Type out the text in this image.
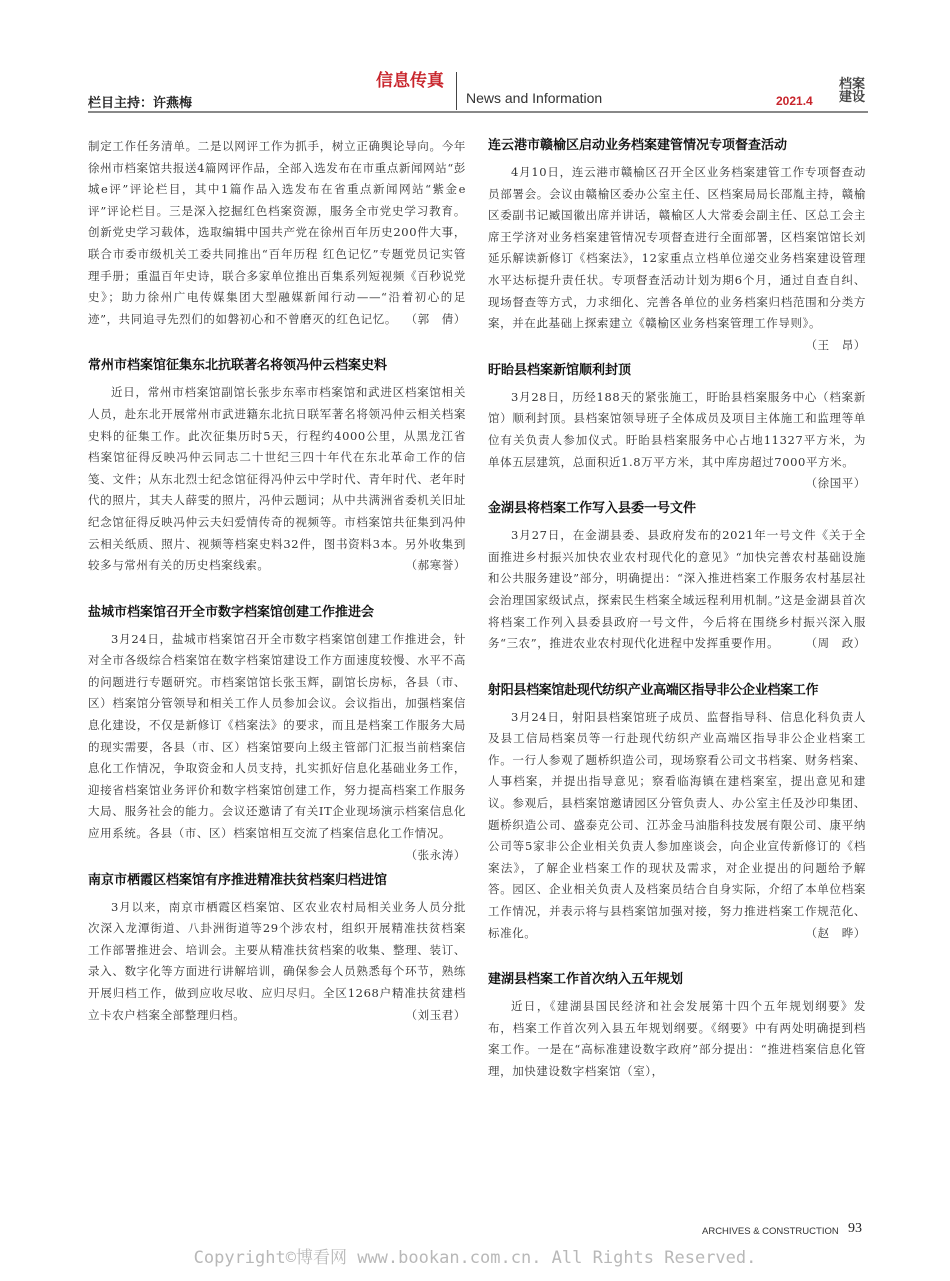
栏目主持：许燕梅
信息传真
News and Information	2021.4
档案
建设

制定工作任务清单。二是以网评工作为抓手，树立正确舆论导向。今年徐州市档案馆共报送4篇网评作品，全部入选发布在市重点新闻网站“彭城e评”评论栏目，其中1篇作品入选发布在省重点新闻网站“紫金e评”评论栏目。三是深入挖掘红色档案资源，服务全市党史学习教育。创新党史学习载体，选取编辑中国共产党在徐州百年历史200件大事，联合市委市级机关工委共同推出“百年历程 红色记忆”专题党员记实管理手册；重温百年史诗，联合多家单位推出百集系列短视频《百秒说党史》；助力徐州广电传媒集团大型融媒新闻行动——“沿着初心的足迹”，共同追寻先烈们的如磐初心和不曾磨灭的红色记忆。 （郭　倩）

常州市档案馆征集东北抗联著名将领冯仲云档案史料

近日，常州市档案馆副馆长张步东率市档案馆和武进区档案馆相关人员，赴东北开展常州市武进籍东北抗日联军著名将领冯仲云相关档案史料的征集工作。此次征集历时5天，行程约4000公里，从黑龙江省档案馆征得反映冯仲云同志二十世纪三四十年代在东北革命工作的信笺、文件；从东北烈士纪念馆征得冯仲云中学时代、青年时代、老年时代的照片，其夫人薛雯的照片，冯仲云题词；从中共满洲省委机关旧址纪念馆征得反映冯仲云夫妇爱情传奇的视频等。市档案馆共征集到冯仲云相关纸质、照片、视频等档案史料32件，图书资料3本。另外收集到较多与常州有关的历史档案线索。	（郝寒誉）

盐城市档案馆召开全市数字档案馆创建工作推进会

3月24日，盐城市档案馆召开全市数字档案馆创建工作推进会，针对全市各级综合档案馆在数字档案馆建设工作方面速度较慢、水平不高的问题进行专题研究。市档案馆馆长张玉辉，副馆长房标，各县（市、区）档案馆分管领导和相关工作人员参加会议。会议指出，加强档案信息化建设，不仅是新修订《档案法》的要求，而且是档案工作服务大局的现实需要，各县（市、区）档案馆要向上级主管部门汇报当前档案信息化工作情况，争取资金和人员支持，扎实抓好信息化基础业务工作，迎接省档案馆业务评价和数字档案馆创建工作，努力提高档案工作服务大局、服务社会的能力。会议还邀请了有关IT企业现场演示档案信息化应用系统。各县（市、区）档案馆相互交流了档案信息化工作情况。
（张永涛）

南京市栖霞区档案馆有序推进精准扶贫档案归档进馆

3月以来，南京市栖霞区档案馆、区农业农村局相关业务人员分批次深入龙潭街道、八卦洲街道等29个涉农村，组织开展精准扶贫档案工作部署推进会、培训会。主要从精准扶贫档案的收集、整理、装订、录入、数字化等方面进行讲解培训，确保参会人员熟悉每个环节，熟练开展归档工作，做到应收尽收、应归尽归。全区1268户精准扶贫建档立卡农户档案全部整理归档。	（刘玉君）

连云港市赣榆区启动业务档案建管情况专项督查活动

4月10日，连云港市赣榆区召开全区业务档案建管工作专项督查动员部署会。会议由赣榆区委办公室主任、区档案局局长邵胤主持，赣榆区委副书记臧国徽出席并讲话，赣榆区人大常委会副主任、区总工会主席王学济对业务档案建管情况专项督查进行全面部署，区档案馆馆长刘延乐解读新修订《档案法》，12家重点立档单位递交业务档案建设管理水平达标提升责任状。专项督查活动计划为期6个月，通过自查自纠、现场督查等方式，力求细化、完善各单位的业务档案归档范围和分类方案，并在此基础上探索建立《赣榆区业务档案管理工作导则》。
（王　昂）

盱眙县档案新馆顺利封顶

3月28日，历经188天的紧张施工，盱眙县档案服务中心（档案新馆）顺利封顶。县档案馆领导班子全体成员及项目主体施工和监理等单位有关负责人参加仪式。盱眙县档案服务中心占地11327平方米，为单体五层建筑，总面积近1.8万平方米，其中库房超过7000平方米。
（徐国平）

金湖县将档案工作写入县委一号文件

3月27日，在金湖县委、县政府发布的2021年一号文件《关于全面推进乡村振兴加快农业农村现代化的意见》“加快完善农村基础设施和公共服务建设”部分，明确提出：“深入推进档案工作服务农村基层社会治理国家级试点，探索民生档案全域远程利用机制。”这是金湖县首次将档案工作列入县委县政府一号文件，今后将在围绕乡村振兴深入服务“三农”，推进农业农村现代化进程中发挥重要作用。 （周　政）

射阳县档案馆赴现代纺织产业高端区指导非公企业档案工作

3月24日，射阳县档案馆班子成员、监督指导科、信息化科负责人及县工信局档案员等一行赴现代纺织产业高端区指导非公企业档案工作。一行人参观了题桥织造公司，现场察看公司文书档案、财务档案、人事档案，并提出指导意见；察看临海镇在建档案室，提出意见和建议。参观后，县档案馆邀请园区分管负责人、办公室主任及沙印集团、题桥织造公司、盛泰克公司、江苏金马油脂科技发展有限公司、康平纳公司等5家非公企业相关负责人参加座谈会，向企业宣传新修订的《档案法》，了解企业档案工作的现状及需求，对企业提出的问题给予解答。园区、企业相关负责人及档案员结合自身实际，介绍了本单位档案工作情况，并表示将与县档案馆加强对接，努力推进档案工作规范化、标准化。	（赵　晔）

建湖县档案工作首次纳入五年规划

近日，《建湖县国民经济和社会发展第十四个五年规划纲要》发布，档案工作首次列入县五年规划纲要。《纲要》中有两处明确提到档案工作。一是在“高标准建设数字政府”部分提出：“推进档案信息化管理，加快建设数字档案馆（室），

ARCHIVES & CONSTRUCTION 93
Copyright©博看网 www.bookan.com.cn. All Rights Reserved.
